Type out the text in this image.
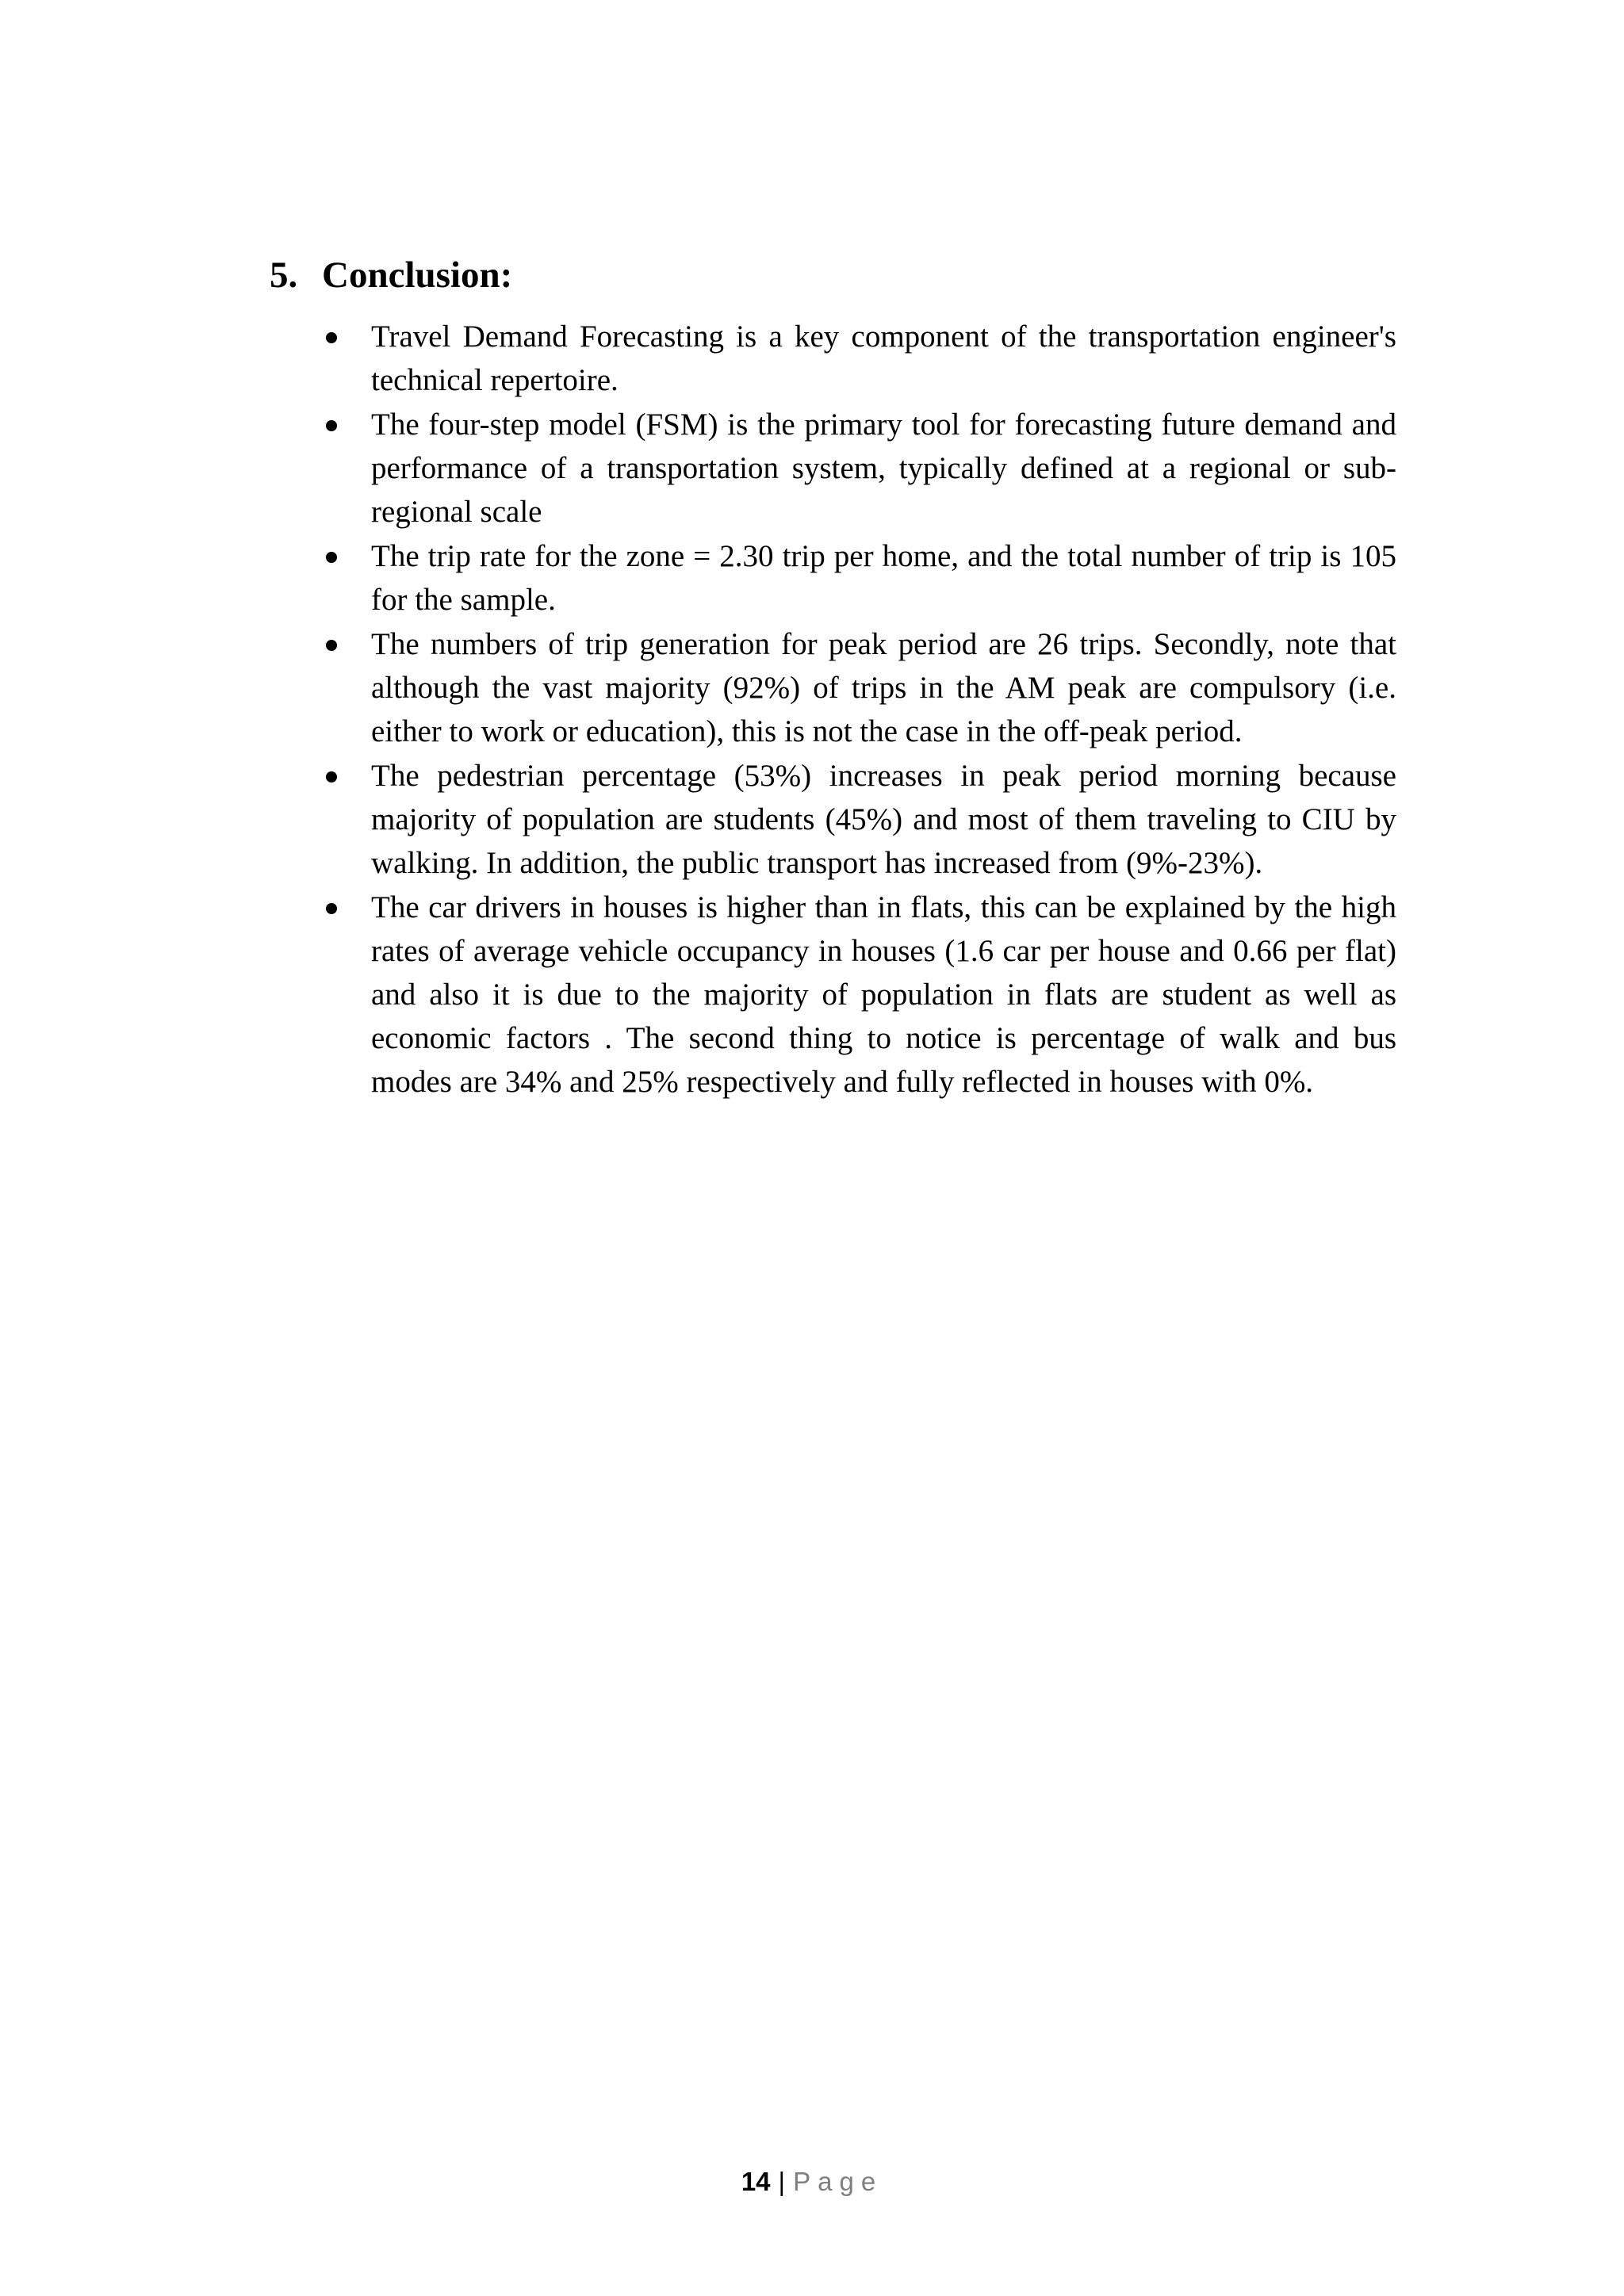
5. Conclusion:
Travel Demand Forecasting is a key component of the transportation engineer's technical repertoire.
The four-step model (FSM) is the primary tool for forecasting future demand and performance of a transportation system, typically defined at a regional or sub-regional scale
The trip rate for the zone = 2.30 trip per home, and the total number of trip is 105 for the sample.
The numbers of trip generation for peak period are 26 trips. Secondly, note that although the vast majority (92%) of trips in the AM peak are compulsory (i.e. either to work or education), this is not the case in the off-peak period.
The pedestrian percentage (53%) increases in peak period morning because majority of population are students (45%) and most of them traveling to CIU by walking. In addition, the public transport has increased from (9%-23%).
The car drivers in houses is higher than in flats, this can be explained by the high rates of average vehicle occupancy in houses (1.6 car per house and 0.66 per flat) and also it is due to the majority of population in flats are student as well as economic factors . The second thing to notice is percentage of walk and bus modes are 34% and 25% respectively and fully reflected in houses with 0%.
14 | Page
